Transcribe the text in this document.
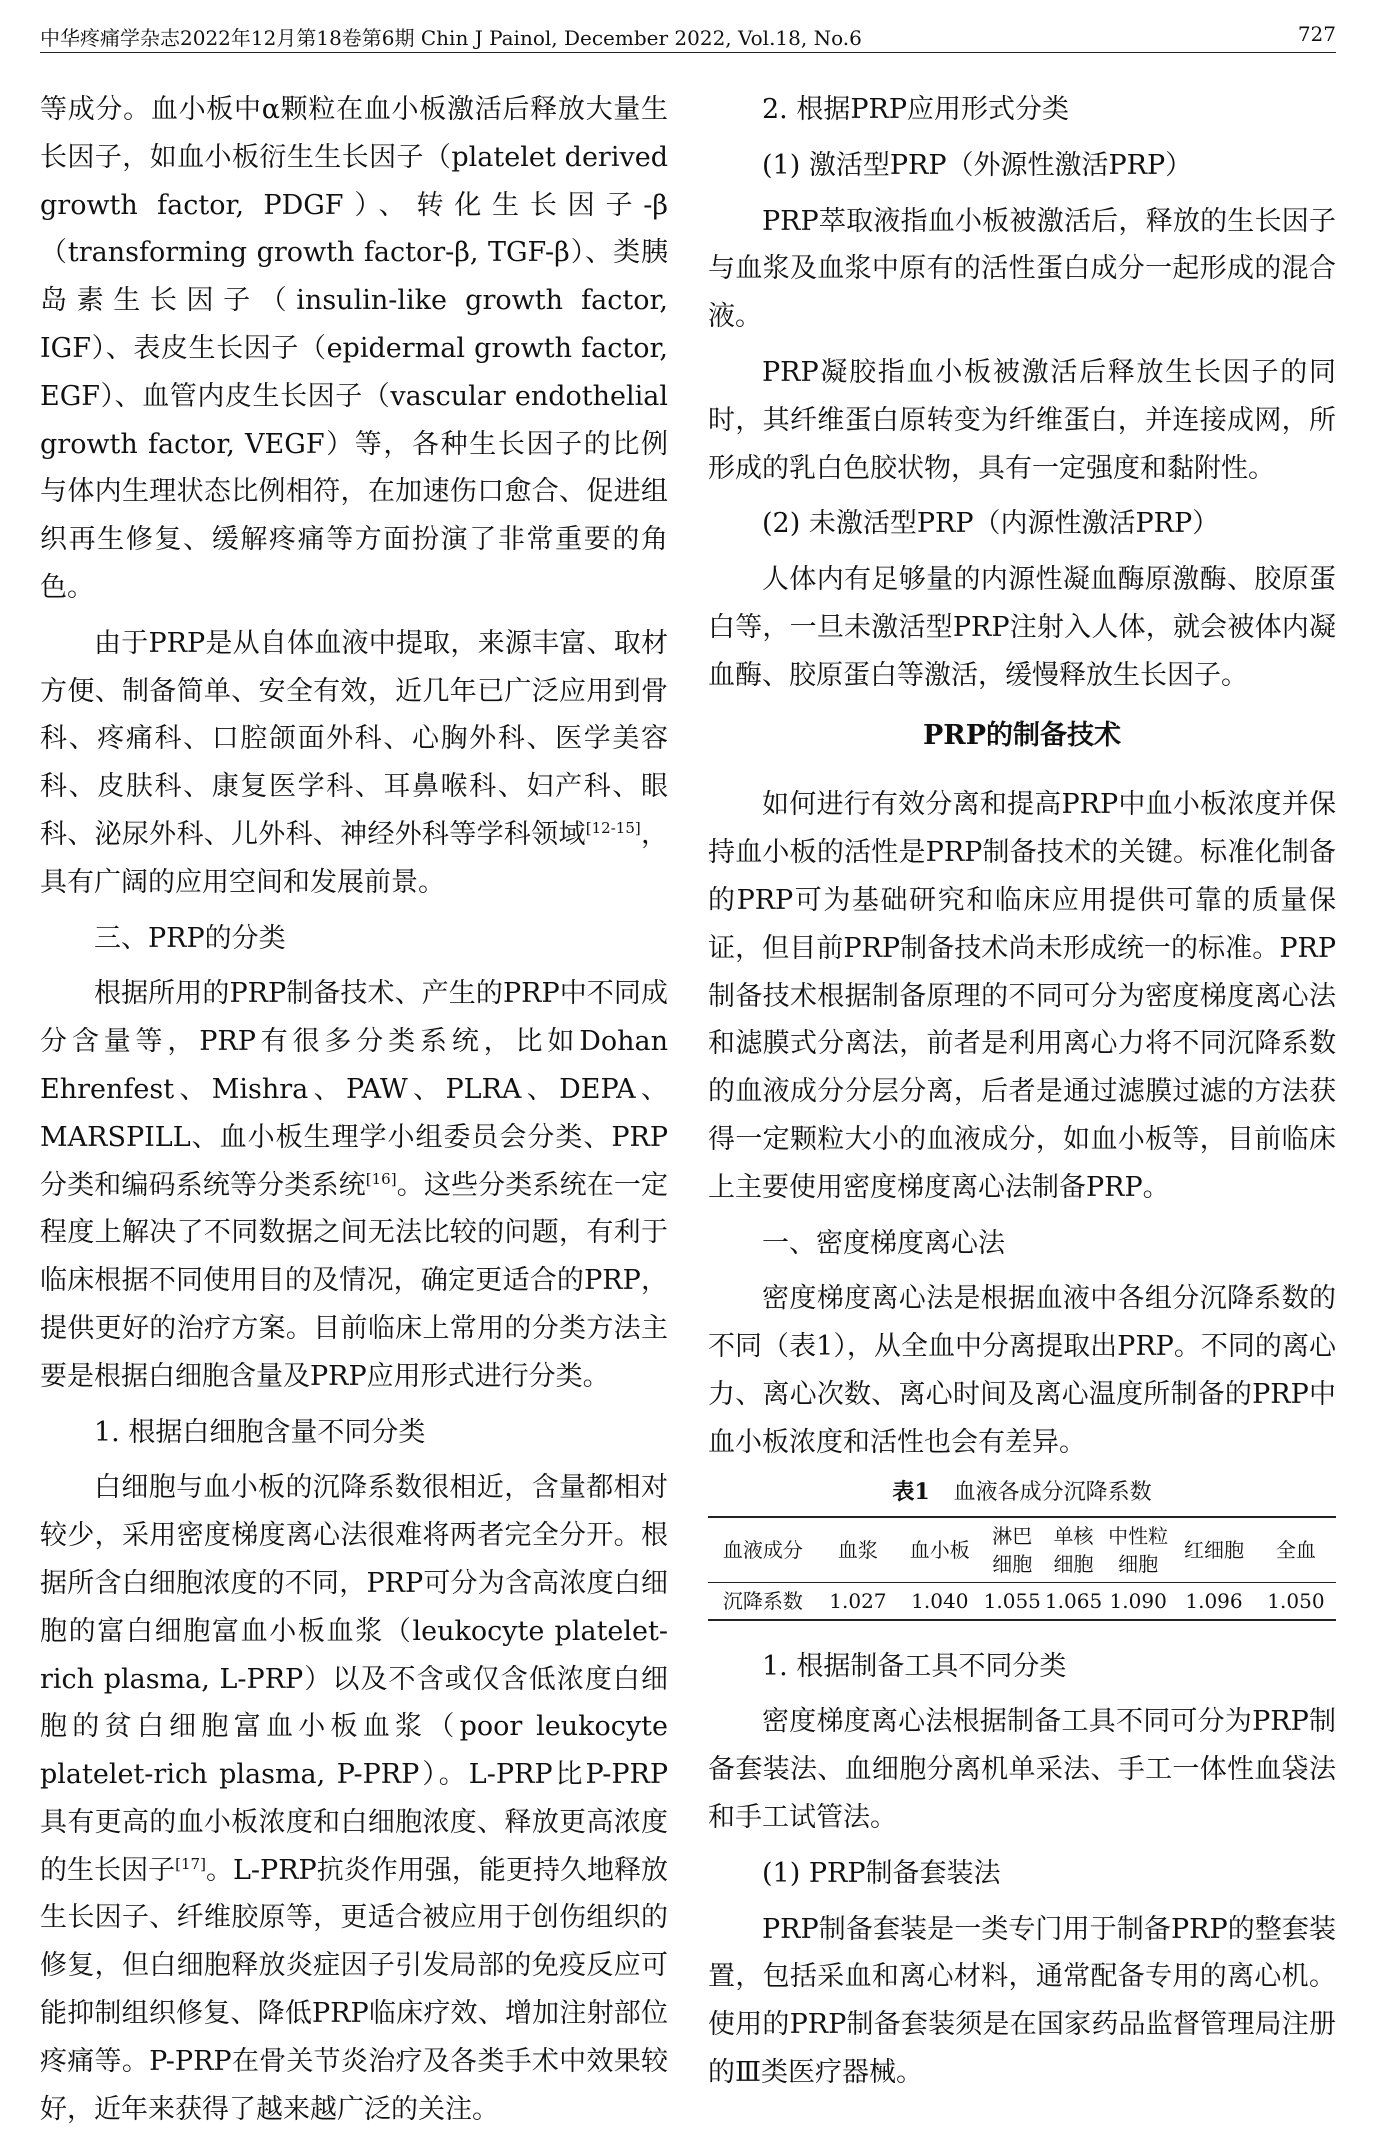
中华疼痛学杂志2022年12月第18卷第6期 Chin J Painol, December 2022, Vol.18, No.6	727

等成分。血小板中α颗粒在血小板激活后释放大量生长因子，如血小板衍生生长因子（platelet derived growth factor, PDGF）、转化生长因子-β（transforming growth factor-β, TGF-β）、类胰岛素生长因子（insulin-like growth factor, IGF）、表皮生长因子（epidermal growth factor, EGF）、血管内皮生长因子（vascular endothelial growth factor, VEGF）等，各种生长因子的比例与体内生理状态比例相符，在加速伤口愈合、促进组织再生修复、缓解疼痛等方面扮演了非常重要的角色。

由于PRP是从自体血液中提取，来源丰富、取材方便、制备简单、安全有效，近几年已广泛应用到骨科、疼痛科、口腔颌面外科、心胸外科、医学美容科、皮肤科、康复医学科、耳鼻喉科、妇产科、眼科、泌尿外科、儿外科、神经外科等学科领域[12-15]，具有广阔的应用空间和发展前景。

三、PRP的分类

根据所用的PRP制备技术、产生的PRP中不同成分含量等，PRP有很多分类系统，比如Dohan Ehrenfest、Mishra、PAW、PLRA、DEPA、MARSPILL、血小板生理学小组委员会分类、PRP分类和编码系统等分类系统[16]。这些分类系统在一定程度上解决了不同数据之间无法比较的问题，有利于临床根据不同使用目的及情况，确定更适合的PRP，提供更好的治疗方案。目前临床上常用的分类方法主要是根据白细胞含量及PRP应用形式进行分类。

1. 根据白细胞含量不同分类

白细胞与血小板的沉降系数很相近，含量都相对较少，采用密度梯度离心法很难将两者完全分开。根据所含白细胞浓度的不同，PRP可分为含高浓度白细胞的富白细胞富血小板血浆（leukocyte platelet-rich plasma, L-PRP）以及不含或仅含低浓度白细胞的贫白细胞富血小板血浆（poor leukocyte platelet-rich plasma, P-PRP）。L-PRP比P-PRP具有更高的血小板浓度和白细胞浓度、释放更高浓度的生长因子[17]。L-PRP抗炎作用强，能更持久地释放生长因子、纤维胶原等，更适合被应用于创伤组织的修复，但白细胞释放炎症因子引发局部的免疫反应可能抑制组织修复、降低PRP临床疗效、增加注射部位疼痛等。P-PRP在骨关节炎治疗及各类手术中效果较好，近年来获得了越来越广泛的关注。

2. 根据PRP应用形式分类

(1) 激活型PRP（外源性激活PRP）

PRP萃取液指血小板被激活后，释放的生长因子与血浆及血浆中原有的活性蛋白成分一起形成的混合液。

PRP凝胶指血小板被激活后释放生长因子的同时，其纤维蛋白原转变为纤维蛋白，并连接成网，所形成的乳白色胶状物，具有一定强度和黏附性。

(2) 未激活型PRP（内源性激活PRP）

人体内有足够量的内源性凝血酶原激酶、胶原蛋白等，一旦未激活型PRP注射入人体，就会被体内凝血酶、胶原蛋白等激活，缓慢释放生长因子。

PRP的制备技术

如何进行有效分离和提高PRP中血小板浓度并保持血小板的活性是PRP制备技术的关键。标准化制备的PRP可为基础研究和临床应用提供可靠的质量保证，但目前PRP制备技术尚未形成统一的标准。PRP制备技术根据制备原理的不同可分为密度梯度离心法和滤膜式分离法，前者是利用离心力将不同沉降系数的血液成分分层分离，后者是通过滤膜过滤的方法获得一定颗粒大小的血液成分，如血小板等，目前临床上主要使用密度梯度离心法制备PRP。

一、密度梯度离心法

密度梯度离心法是根据血液中各组分沉降系数的不同（表1），从全血中分离提取出PRP。不同的离心力、离心次数、离心时间及离心温度所制备的PRP中血小板浓度和活性也会有差异。

表1 血液各成分沉降系数
血液成分	血浆	血小板	淋巴细胞	单核细胞	中性粒细胞	红细胞	全血
沉降系数	1.027	1.040	1.055	1.065	1.090	1.096	1.050

1. 根据制备工具不同分类

密度梯度离心法根据制备工具不同可分为PRP制备套装法、血细胞分离机单采法、手工一体性血袋法和手工试管法。

(1) PRP制备套装法

PRP制备套装是一类专门用于制备PRP的整套装置，包括采血和离心材料，通常配备专用的离心机。使用的PRP制备套装须是在国家药品监督管理局注册的Ⅲ类医疗器械。
